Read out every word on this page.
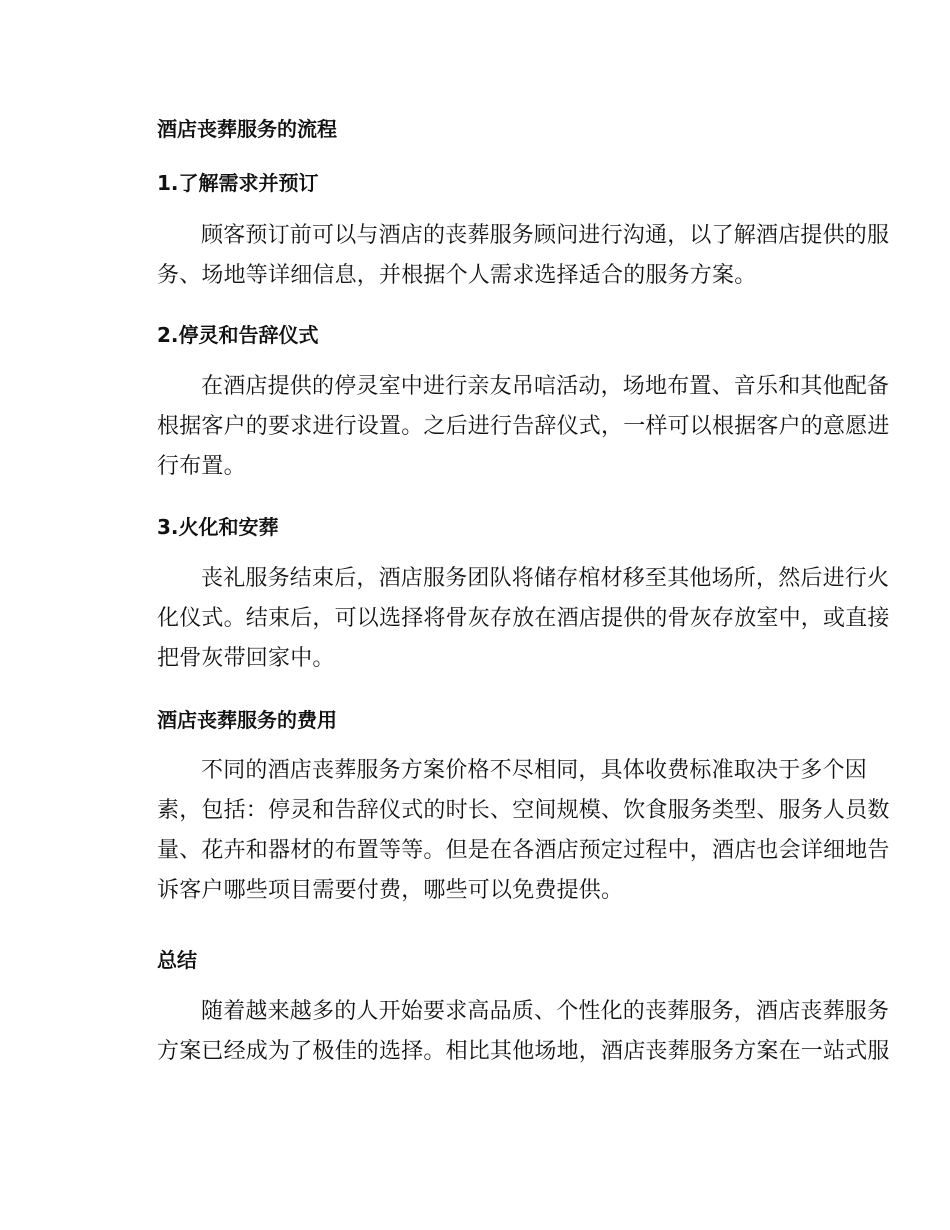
酒店丧葬服务的流程
1.了解需求并预订
顾客预订前可以与酒店的丧葬服务顾问进行沟通，以了解酒店提供的服
务、场地等详细信息，并根据个人需求选择适合的服务方案。
2.停灵和告辞仪式
在酒店提供的停灵室中进行亲友吊唁活动，场地布置、音乐和其他配备
根据客户的要求进行设置。之后进行告辞仪式，一样可以根据客户的意愿进
行布置。
3.火化和安葬
丧礼服务结束后，酒店服务团队将储存棺材移至其他场所，然后进行火
化仪式。结束后，可以选择将骨灰存放在酒店提供的骨灰存放室中，或直接
把骨灰带回家中。
酒店丧葬服务的费用
不同的酒店丧葬服务方案价格不尽相同，具体收费标准取决于多个因
素，包括：停灵和告辞仪式的时长、空间规模、饮食服务类型、服务人员数
量、花卉和器材的布置等等。但是在各酒店预定过程中，酒店也会详细地告
诉客户哪些项目需要付费，哪些可以免费提供。
总结
随着越来越多的人开始要求高品质、个性化的丧葬服务，酒店丧葬服务
方案已经成为了极佳的选择。相比其他场地，酒店丧葬服务方案在一站式服
